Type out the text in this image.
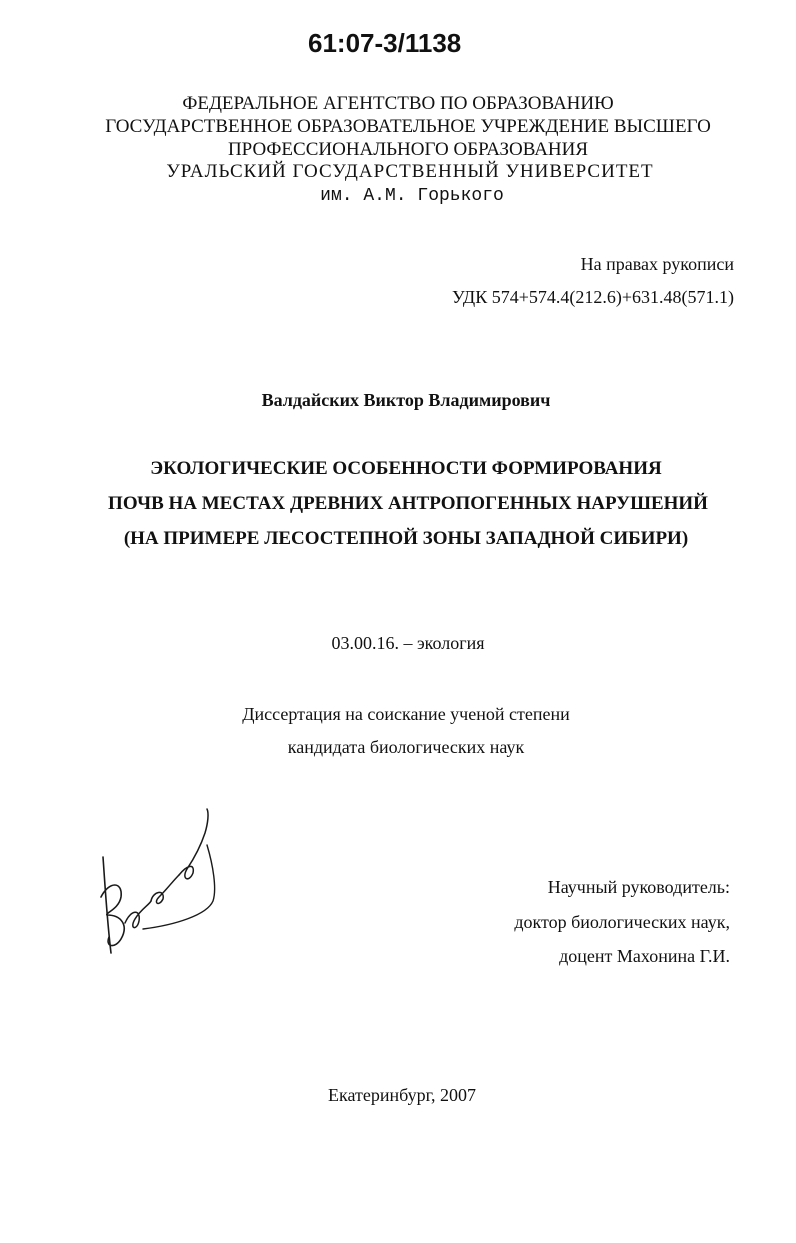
61:07-3/1138
ФЕДЕРАЛЬНОЕ АГЕНТСТВО ПО ОБРАЗОВАНИЮ
ГОСУДАРСТВЕННОЕ ОБРАЗОВАТЕЛЬНОЕ УЧРЕЖДЕНИЕ ВЫСШЕГО
ПРОФЕССИОНАЛЬНОГО ОБРАЗОВАНИЯ
УРАЛЬСКИЙ ГОСУДАРСТВЕННЫЙ УНИВЕРСИТЕТ
им. А.М. Горького
На правах рукописи
УДК 574+574.4(212.6)+631.48(571.1)
Валдайских Виктор Владимирович
ЭКОЛОГИЧЕСКИЕ ОСОБЕННОСТИ ФОРМИРОВАНИЯ
ПОЧВ НА МЕСТАХ ДРЕВНИХ АНТРОПОГЕННЫХ НАРУШЕНИЙ
(НА ПРИМЕРЕ ЛЕСОСТЕПНОЙ ЗОНЫ ЗАПАДНОЙ СИБИРИ)
03.00.16. – экология
Диссертация на соискание ученой степени
кандидата биологических наук
Научный руководитель:
доктор биологических наук,
доцент Махонина Г.И.
Екатеринбург, 2007
